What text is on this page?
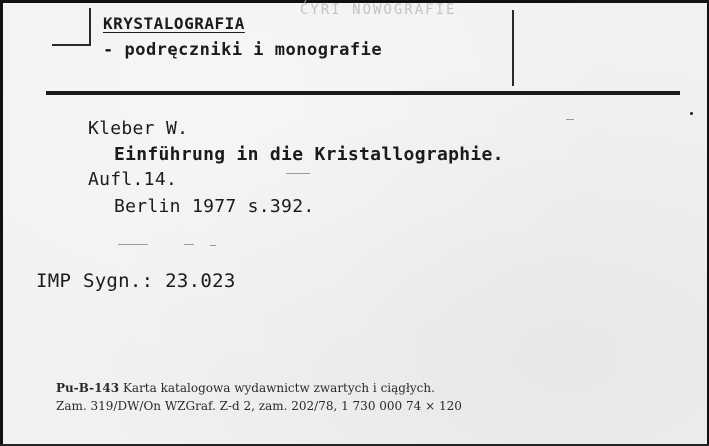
ĆYRI NOWOGRAFIE
KRYSTALOGRAFIA
- podręczniki i monografie
Kleber W.
Einführung in die Kristallographie.
Aufl.14.
Berlin 1977 s.392.
IMP Sygn.: 23.023
Pu-B-143 Karta katalogowa wydawnictw zwartych i ciągłych.
Zam. 319/DW/On WZGraf. Z-d 2, zam. 202/78, 1 730 000 74 × 120
